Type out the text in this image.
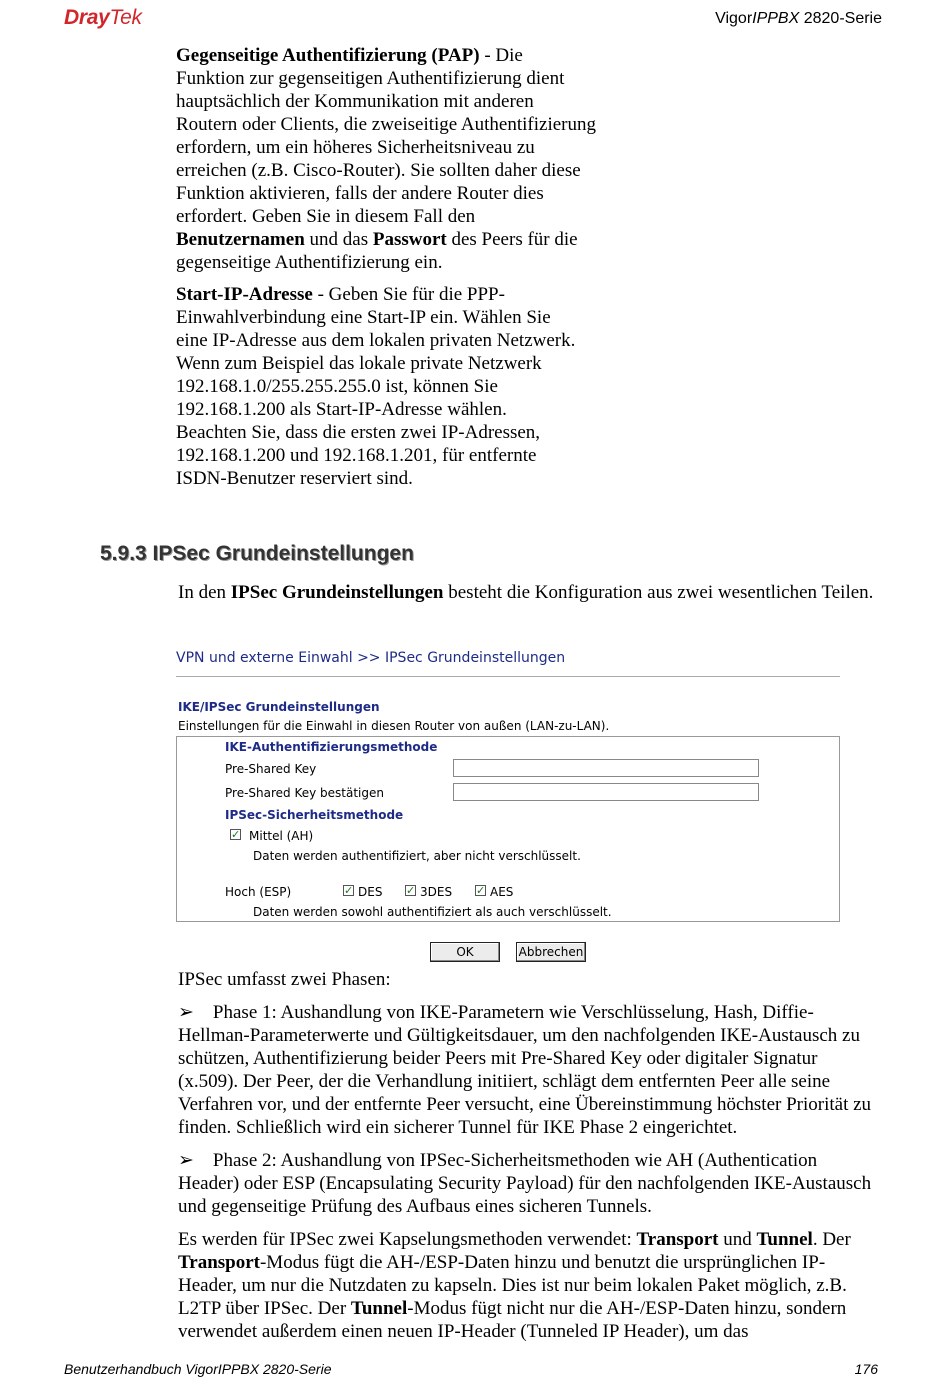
DrayTek	VigorIPPBX 2820-Serie

Gegenseitige Authentifizierung (PAP) - Die Funktion zur gegenseitigen Authentifizierung dient hauptsächlich der Kommunikation mit anderen Routern oder Clients, die zweiseitige Authentifizierung erfordern, um ein höheres Sicherheitsniveau zu erreichen (z.B. Cisco-Router). Sie sollten daher diese Funktion aktivieren, falls der andere Router dies erfordert. Geben Sie in diesem Fall den Benutzernamen und das Passwort des Peers für die gegenseitige Authentifizierung ein.

Start-IP-Adresse - Geben Sie für die PPP-Einwahlverbindung eine Start-IP ein. Wählen Sie eine IP-Adresse aus dem lokalen privaten Netzwerk. Wenn zum Beispiel das lokale private Netzwerk 192.168.1.0/255.255.255.0 ist, können Sie 192.168.1.200 als Start-IP-Adresse wählen. Beachten Sie, dass die ersten zwei IP-Adressen, 192.168.1.200 und 192.168.1.201, für entfernte ISDN-Benutzer reserviert sind.

5.9.3 IPSec Grundeinstellungen

In den IPSec Grundeinstellungen besteht die Konfiguration aus zwei wesentlichen Teilen.

VPN und externe Einwahl >> IPSec Grundeinstellungen
IKE/IPSec Grundeinstellungen
Einstellungen für die Einwahl in diesen Router von außen (LAN-zu-LAN).
IKE-Authentifizierungsmethode
Pre-Shared Key
Pre-Shared Key bestätigen
IPSec-Sicherheitsmethode
✓ Mittel (AH)
Daten werden authentifiziert, aber nicht verschlüsselt.
Hoch (ESP)	✓ DES ✓ 3DES ✓ AES
Daten werden sowohl authentifiziert als auch verschlüsselt.
OK	Abbrechen

IPSec umfasst zwei Phasen:

➢ Phase 1: Aushandlung von IKE-Parametern wie Verschlüsselung, Hash, Diffie-Hellman-Parameterwerte und Gültigkeitsdauer, um den nachfolgenden IKE-Austausch zu schützen, Authentifizierung beider Peers mit Pre-Shared Key oder digitaler Signatur (x.509). Der Peer, der die Verhandlung initiiert, schlägt dem entfernten Peer alle seine Verfahren vor, und der entfernte Peer versucht, eine Übereinstimmung höchster Priorität zu finden. Schließlich wird ein sicherer Tunnel für IKE Phase 2 eingerichtet.
➢ Phase 2: Aushandlung von IPSec-Sicherheitsmethoden wie AH (Authentication Header) oder ESP (Encapsulating Security Payload) für den nachfolgenden IKE-Austausch und gegenseitige Prüfung des Aufbaus eines sicheren Tunnels.

Es werden für IPSec zwei Kapselungsmethoden verwendet: Transport und Tunnel. Der Transport-Modus fügt die AH-/ESP-Daten hinzu und benutzt die ursprünglichen IP-Header, um nur die Nutzdaten zu kapseln. Dies ist nur beim lokalen Paket möglich, z.B. L2TP über IPSec. Der Tunnel-Modus fügt nicht nur die AH-/ESP-Daten hinzu, sondern verwendet außerdem einen neuen IP-Header (Tunneled IP Header), um das

Benutzerhandbuch VigorIPPBX 2820-Serie	176
